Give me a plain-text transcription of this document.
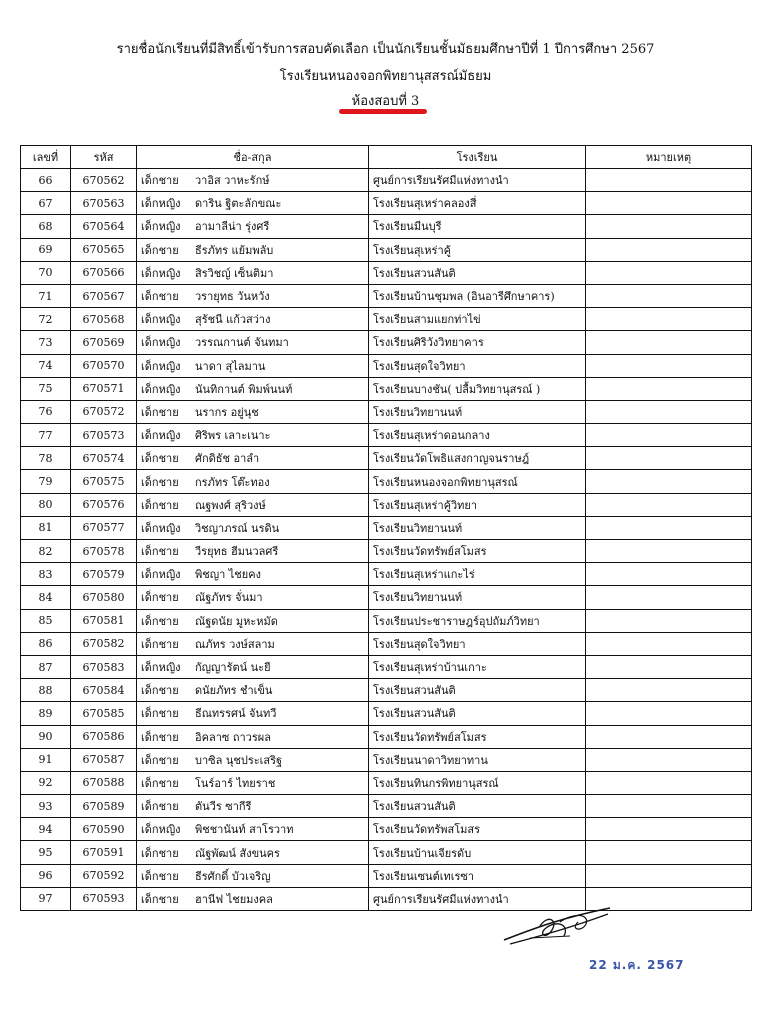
รายชื่อนักเรียนที่มีสิทธิ์เข้ารับการสอบคัดเลือก เป็นนักเรียนชั้นมัธยมศึกษาปีที่ 1 ปีการศึกษา 2567
โรงเรียนหนองจอกพิทยานุสสรณ์มัธยม
ห้องสอบที่ 3
เลขที่	รหัส	ชื่อ-สกุล	โรงเรียน	หมายเหตุ
66	670562	เด็กชาย วาอิส วาหะรักษ์	ศูนย์การเรียนรัศมีแห่งทางนำ	
67	670563	เด็กหญิง ดาริน ฐิตะลักขณะ	โรงเรียนสุเหร่าคลองสี่	
68	670564	เด็กหญิง อามาลีน่า รุ่งศรี	โรงเรียนมีนบุรี	
69	670565	เด็กชาย ธีรภัทร แย้มพลับ	โรงเรียนสุเหร่าคู้	
70	670566	เด็กหญิง สิรวิชญ์ เซ็นติมา	โรงเรียนสวนสันติ	
71	670567	เด็กชาย วรายุทธ วันหวัง	โรงเรียนบ้านชุมพล (อินอารีศึกษาคาร)	
72	670568	เด็กหญิง สุรัชนี แก้วสว่าง	โรงเรียนสามแยกท่าไข่	
73	670569	เด็กหญิง วรรณกานต์ จันทมา	โรงเรียนศิริวังวิทยาคาร	
74	670570	เด็กหญิง นาดา สุไลมาน	โรงเรียนสุดใจวิทยา	
75	670571	เด็กหญิง นันทิกานต์ พิมพ์นนท์	โรงเรียนบางชัน( ปลื้มวิทยานุสรณ์ )	
76	670572	เด็กชาย นรากร อยู่นุช	โรงเรียนวิทยานนท์	
77	670573	เด็กหญิง ศิริพร เลาะเนาะ	โรงเรียนสุเหร่าดอนกลาง	
78	670574	เด็กชาย ศักดิธัช อาลำ	โรงเรียนวัดโพธิแสงกาญจนราษฎ์	
79	670575	เด็กชาย กรภัทร โต๊ะทอง	โรงเรียนหนองจอกพิทยานุสรณ์	
80	670576	เด็กชาย ณฐพงศ์ สุริวงษ์	โรงเรียนสุเหร่าคู้วิทยา	
81	670577	เด็กหญิง วิชญาภรณ์ นรดิน	โรงเรียนวิทยานนท์	
82	670578	เด็กชาย วีรยุทธ ฮีมนวลศรี	โรงเรียนวัดทรัพย์สโมสร	
83	670579	เด็กหญิง พิชญา ไชยคง	โรงเรียนสุเหร่าแกะไร่	
84	670580	เด็กชาย ณัฐภัทร จั่นมา	โรงเรียนวิทยานนท์	
85	670581	เด็กชาย ณัฐดนัย มูหะหมัด	โรงเรียนประชาราษฎร์อุปถัมภ์วิทยา	
86	670582	เด็กชาย ณภัทร วงษ์สลาม	โรงเรียนสุดใจวิทยา	
87	670583	เด็กหญิง กัญญารัตน์ นะยี	โรงเรียนสุเหร่าบ้านเกาะ	
88	670584	เด็กชาย ดนัยภัทร ชำเข็น	โรงเรียนสวนสันติ	
89	670585	เด็กชาย ธีณทรรศน์ จันทวี	โรงเรียนสวนสันติ	
90	670586	เด็กชาย อิคลาซ ถาวรผล	โรงเรียนวัดทรัพย์สโมสร	
91	670587	เด็กชาย บาซิล นุชประเสริฐ	โรงเรียนนาดาวิทยาทาน	
92	670588	เด็กชาย โนร์อาร์ ไทยราช	โรงเรียนทินกรพิทยานุสรณ์	
93	670589	เด็กชาย ตันวีร ซากีรี	โรงเรียนสวนสันติ	
94	670590	เด็กหญิง พิชชานันท์ สาโรวาท	โรงเรียนวัดทรัพสโมสร	
95	670591	เด็กชาย ณัฐพัฒน์ สังขนคร	โรงเรียนบ้านเจียรดับ	
96	670592	เด็กชาย ธีรศักดิ์ บัวเจริญ	โรงเรียนเซนต์เทเรซา	
97	670593	เด็กชาย ฮานีฟ ไชยมงคล	ศูนย์การเรียนรัศมีแห่งทางนำ	
22 ม.ค. 2567
